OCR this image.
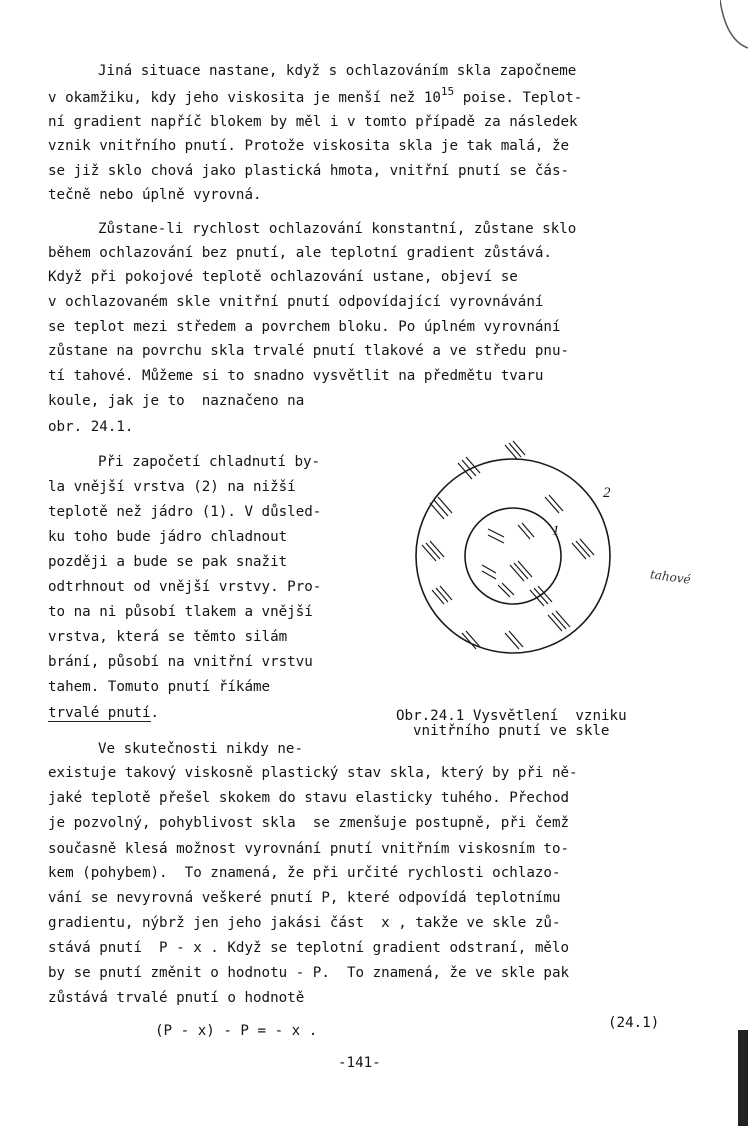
Jiná situace nastane, když s ochlazováním skla započneme
v okamžiku, kdy jeho viskosita je menší než $10^{15}$ poise. Teplot-
ní gradient napříč blokem by měl i v tomto případě za následek
vznik vnitřního pnutí. Protože viskosita skla je tak malá, že
se již sklo chová jako plastická hmota, vnitřní pnutí se čás-
tečně nebo úplně vyrovná.
Zůstane-li rychlost ochlazování konstantní, zůstane sklo
během ochlazování bez pnutí, ale teplotní gradient zůstává.
Když při pokojové teplotě ochlazování ustane, objeví se
v ochlazovaném skle vnitřní pnutí odpovídající vyrovnávání
se teplot mezi středem a povrchem bloku. Po úplném vyrovnání
zůstane na povrchu skla trvalé pnutí tlakové a ve středu pnu-
tí tahové. Můžeme si to snadno vysvětlit na předmětu tvaru
koule, jak je to  naznačeno na
obr. 24.1.
Při započetí chladnutí by-
la vnější vrstva (2) na nižší
teplotě než jádro (1). V důsled-
ku toho bude jádro chladnout
později a bude se pak snažit
odtrhnout od vnější vrstvy. Pro-
to na ni působí tlakem a vnější
vrstva, která se těmto silám
brání, působí na vnitřní vrstvu
tahem. Tomuto pnutí říkáme
trvalé pnutí.
1
2
tahové
Obr.24.1 Vysvětlení  vzniku
vnitřního pnutí ve skle
Ve skutečnosti nikdy ne-
existuje takový viskosně plastický stav skla, který by při ně-
jaké teplotě přešel skokem do stavu elasticky tuhého. Přechod
je pozvolný, pohyblivost skla  se zmenšuje postupně, při čemž
současně klesá možnost vyrovnání pnutí vnitřním viskosním to-
kem (pohybem).  To znamená, že při určité rychlosti ochlazo-
vání se nevyrovná veškeré pnutí P, které odpovídá teplotnímu
gradientu, nýbrž jen jeho jakási část  x , takže ve skle zů-
stává pnutí  P - x . Když se teplotní gradient odstraní, mělo
by se pnutí změnit o hodnotu - P.  To znamená, že ve skle pak
zůstává trvalé pnutí o hodnotě
(P - x) - P = - x .	(24.1)
-141-
